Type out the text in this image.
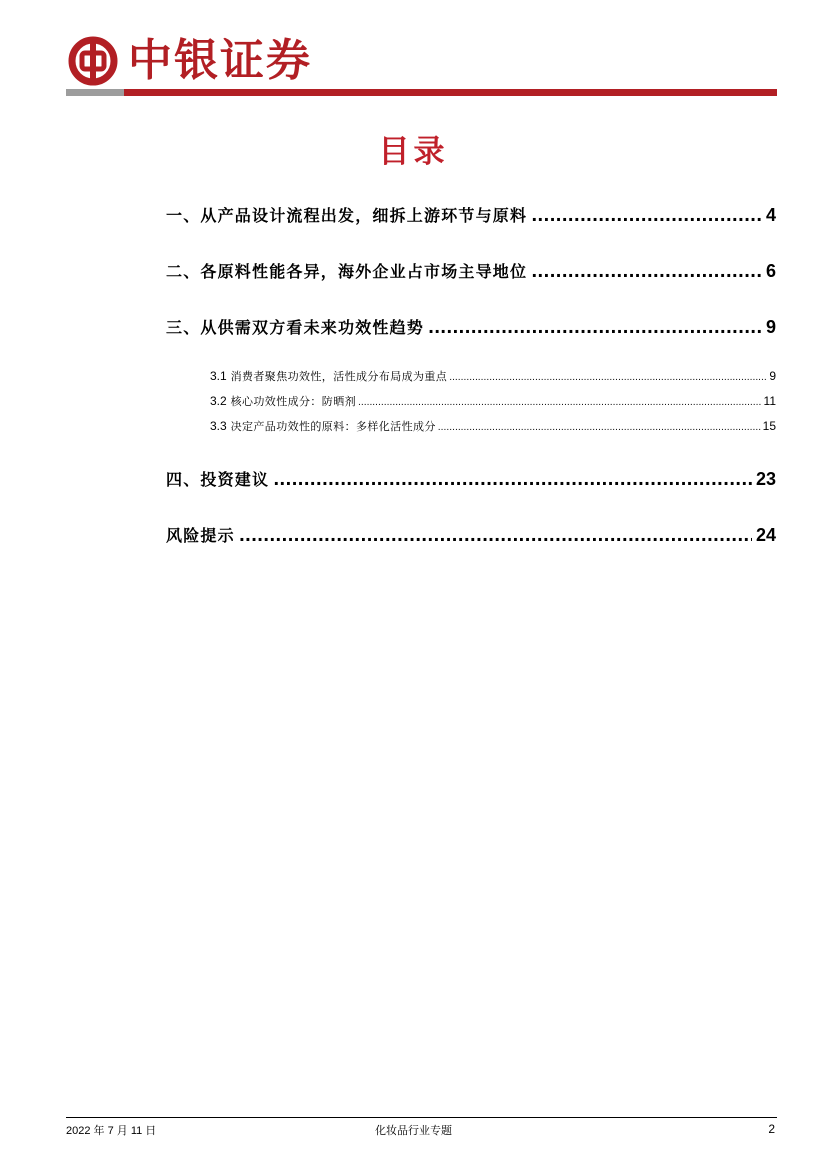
中银证券
目录
一、从产品设计流程出发，细拆上游环节与原料 .....	4
二、各原料性能各异，海外企业占市场主导地位 .....	6
三、从供需双方看未来功效性趋势 .....	9
3.1 消费者聚焦功效性，活性成分布局成为重点 .....	9
3.2 核心功效性成分：防晒剂 .....	11
3.3 决定产品功效性的原料：多样化活性成分 .....	15
四、投资建议 .....	23
风险提示 .....	24
2022 年 7 月 11 日	化妆品行业专题	2
